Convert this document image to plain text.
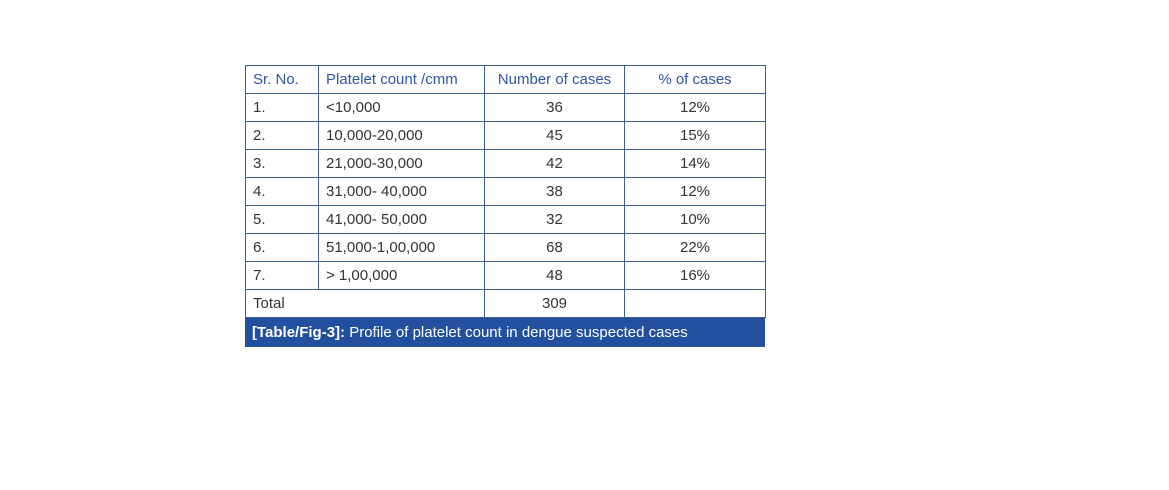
Sr. No.	Platelet count /cmm	Number of cases	% of cases
1.	<10,000	36	12%
2.	10,000-20,000	45	15%
3.	21,000-30,000	42	14%
4.	31,000- 40,000	38	12%
5.	41,000- 50,000	32	10%
6.	51,000-1,00,000	68	22%
7.	> 1,00,000	48	16%
Total		309	
[Table/Fig-3]: Profile of platelet count in dengue suspected cases
